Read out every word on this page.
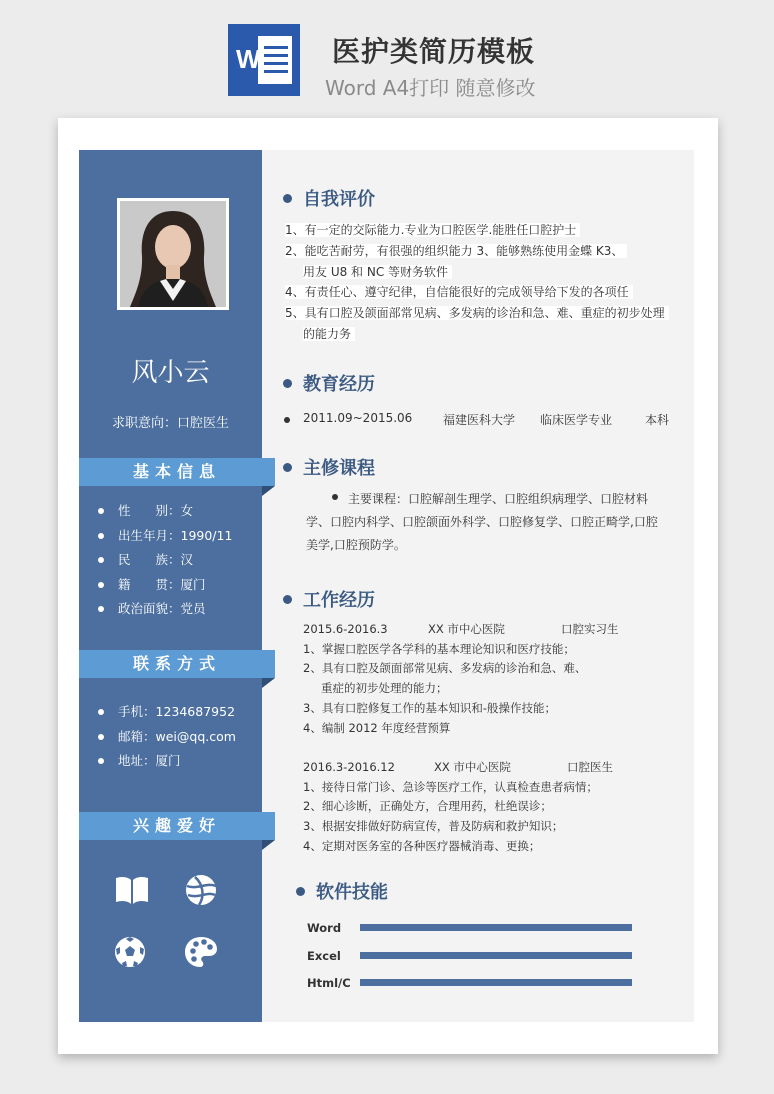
W	医护类简历模板
Word A4打印 随意修改
风小云
求职意向：口腔医生
基本信息
性　　别：女
出生年月：1990/11
民　　族：汉
籍　　贯：厦门
政治面貌：党员
联系方式
手机：1234687952
邮箱：wei@qq.com
地址：厦门
兴趣爱好
自我评价
1、有一定的交际能力.专业为口腔医学.能胜任口腔护士
2、能吃苦耐劳，有很强的组织能力 3、能够熟练使用金蝶 K3、
用友 U8 和 NC 等财务软件
4、有责任心、遵守纪律，自信能很好的完成领导给下发的各项任
5、具有口腔及颌面部常见病、多发病的诊治和急、难、重症的初步处理
的能力务
教育经历
2011.09~2015.06	福建医科大学 临床医学专业	本科
主修课程
主要课程：口腔解剖生理学、口腔组织病理学、口腔材料学、口腔内科学、口腔颌面外科学、口腔修复学、口腔正畸学,口腔美学,口腔预防学。
工作经历
2015.6-2016.3	XX 市中心医院	口腔实习生
1、掌握口腔医学各学科的基本理论知识和医疗技能；
2、具有口腔及颌面部常见病、多发病的诊治和急、难、
重症的初步处理的能力；
3、具有口腔修复工作的基本知识和-般操作技能；
4、编制 2012 年度经营预算
2016.3-2016.12	XX 市中心医院	口腔医生
1、接待日常门诊、急诊等医疗工作，认真检查患者病情；
2、细心诊断，正确处方，合理用药，杜绝误诊；
3、根据安排做好防病宣传，普及防病和救护知识；
4、定期对医务室的各种医疗器械消毒、更换；
软件技能
Word
Excel
Html/C
